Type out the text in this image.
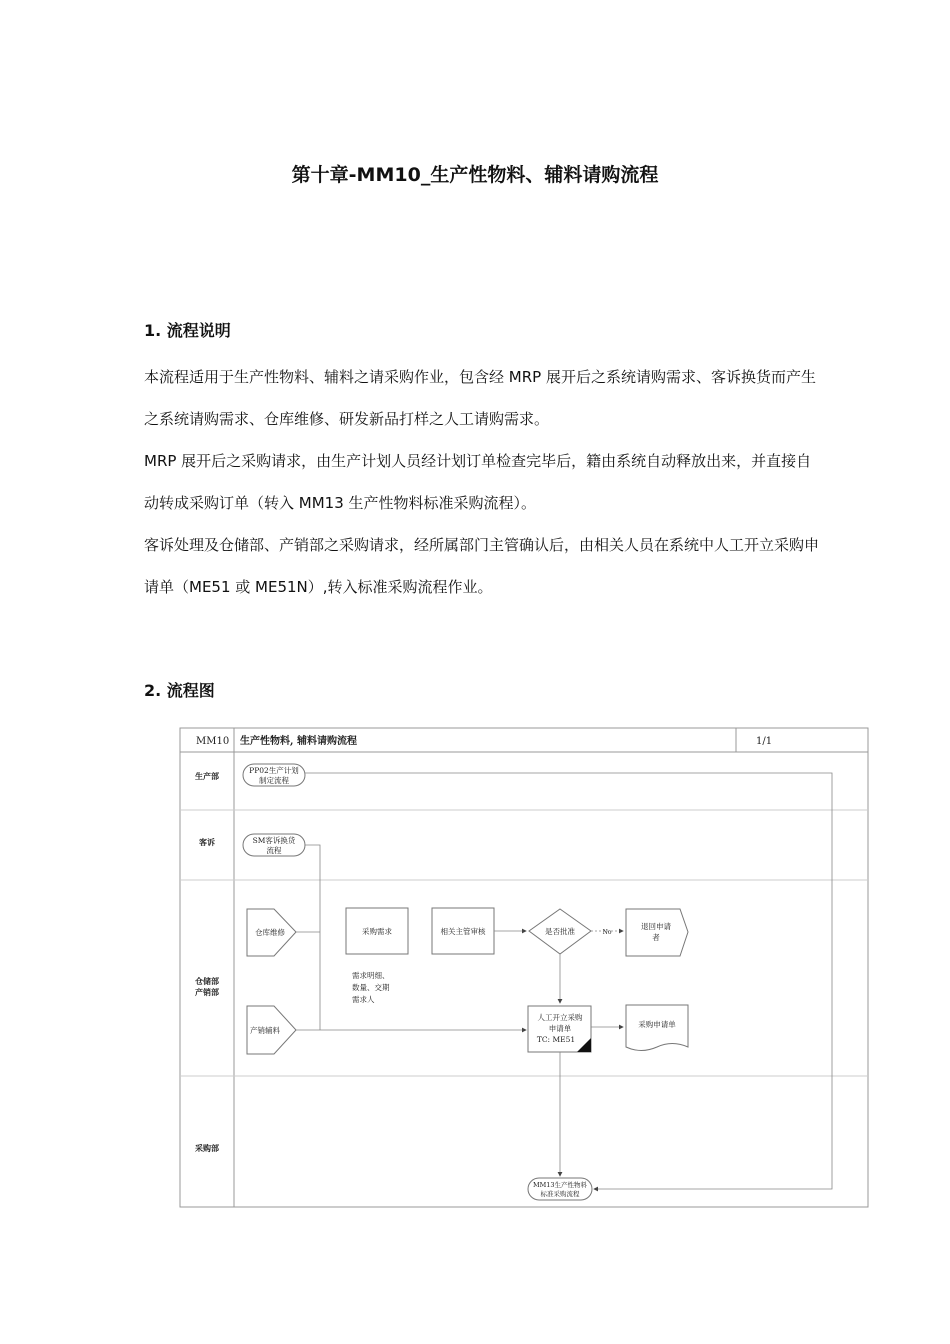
第十章-MM10_生产性物料、辅料请购流程
1. 流程说明

本流程适用于生产性物料、辅料之请采购作业，包含经 MRP 展开后之系统请购需求、客诉换货而产生之系统请购需求、仓库维修、研发新品打样之人工请购需求。

MRP 展开后之采购请求，由生产计划人员经计划订单检查完毕后，籍由系统自动释放出来，并直接自动转成采购订单（转入 MM13 生产性物料标准采购流程）。

客诉处理及仓储部、产销部之采购请求，经所属部门主管确认后，由相关人员在系统中人工开立采购申请单（ME51 或 ME51N）,转入标准采购流程作业。

2. 流程图
MM10 生产性物料, 辅料请购流程	1/1
生产部
客诉
仓储部
产销部
采购部
PP02生产计划
制定流程
SM客诉换货
流程
仓库维修
产销辅料
采购需求	相关主管审核	是否批准	No
退回申请
者
需求明细、
数量、交期
需求人
人工开立采购
申请单
TC: ME51
采购申请单
MM13生产性物料
标准采购流程
